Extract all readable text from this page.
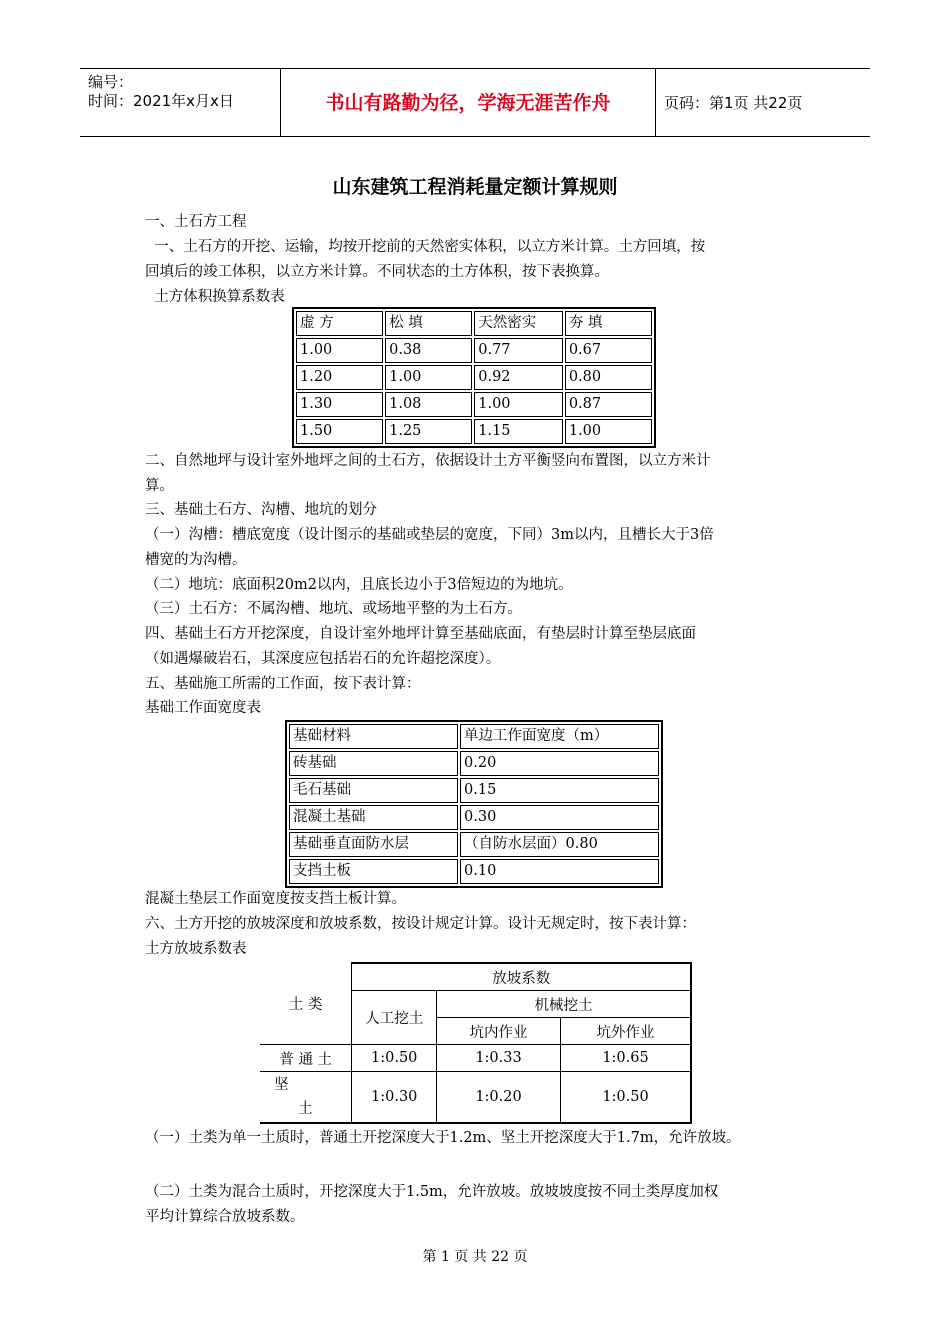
编号：
时间：2021年x月x日	书山有路勤为径，学海无涯苦作舟	页码：第1页 共22页
山东建筑工程消耗量定额计算规则
一、土石方工程
一、土石方的开挖、运输，均按开挖前的天然密实体积，以立方米计算。土方回填，按
回填后的竣工体积，以立方米计算。不同状态的土方体积，按下表换算。
土方体积换算系数表
虚 方	松 填	天然密实	夯 填
1.00	0.38	0.77	0.67
1.20	1.00	0.92	0.80
1.30	1.08	1.00	0.87
1.50	1.25	1.15	1.00
二、自然地坪与设计室外地坪之间的土石方，依据设计土方平衡竖向布置图，以立方米计
算。
三、基础土石方、沟槽、地坑的划分
（一）沟槽：槽底宽度（设计图示的基础或垫层的宽度，下同）3m以内，且槽长大于3倍
槽宽的为沟槽。
（二）地坑：底面积20m2以内，且底长边小于3倍短边的为地坑。
（三）土石方：不属沟槽、地坑、或场地平整的为土石方。
四、基础土石方开挖深度，自设计室外地坪计算至基础底面，有垫层时计算至垫层底面
（如遇爆破岩石，其深度应包括岩石的允许超挖深度）。
五、基础施工所需的工作面，按下表计算：
基础工作面宽度表
基础材料	单边工作面宽度（m）
砖基础	0.20
毛石基础	0.15
混凝土基础	0.30
基础垂直面防水层	（自防水层面）0.80
支挡土板	0.10
混凝土垫层工作面宽度按支挡土板计算。
六、土方开挖的放坡深度和放坡系数，按设计规定计算。设计无规定时，按下表计算：
土方放坡系数表
土 类	放坡系数		
	人工挖土	机械挖土	
		坑内作业	坑外作业
普 通 土	1:0.50	1:0.33	1:0.65

坚
土	1:0.30	1:0.20	1:0.50
（一）土类为单一土质时，普通土开挖深度大于1.2m、坚土开挖深度大于1.7m，允许放坡。
（二）土类为混合土质时，开挖深度大于1.5m，允许放坡。放坡坡度按不同土类厚度加权
平均计算综合放坡系数。
第 1 页 共 22 页
